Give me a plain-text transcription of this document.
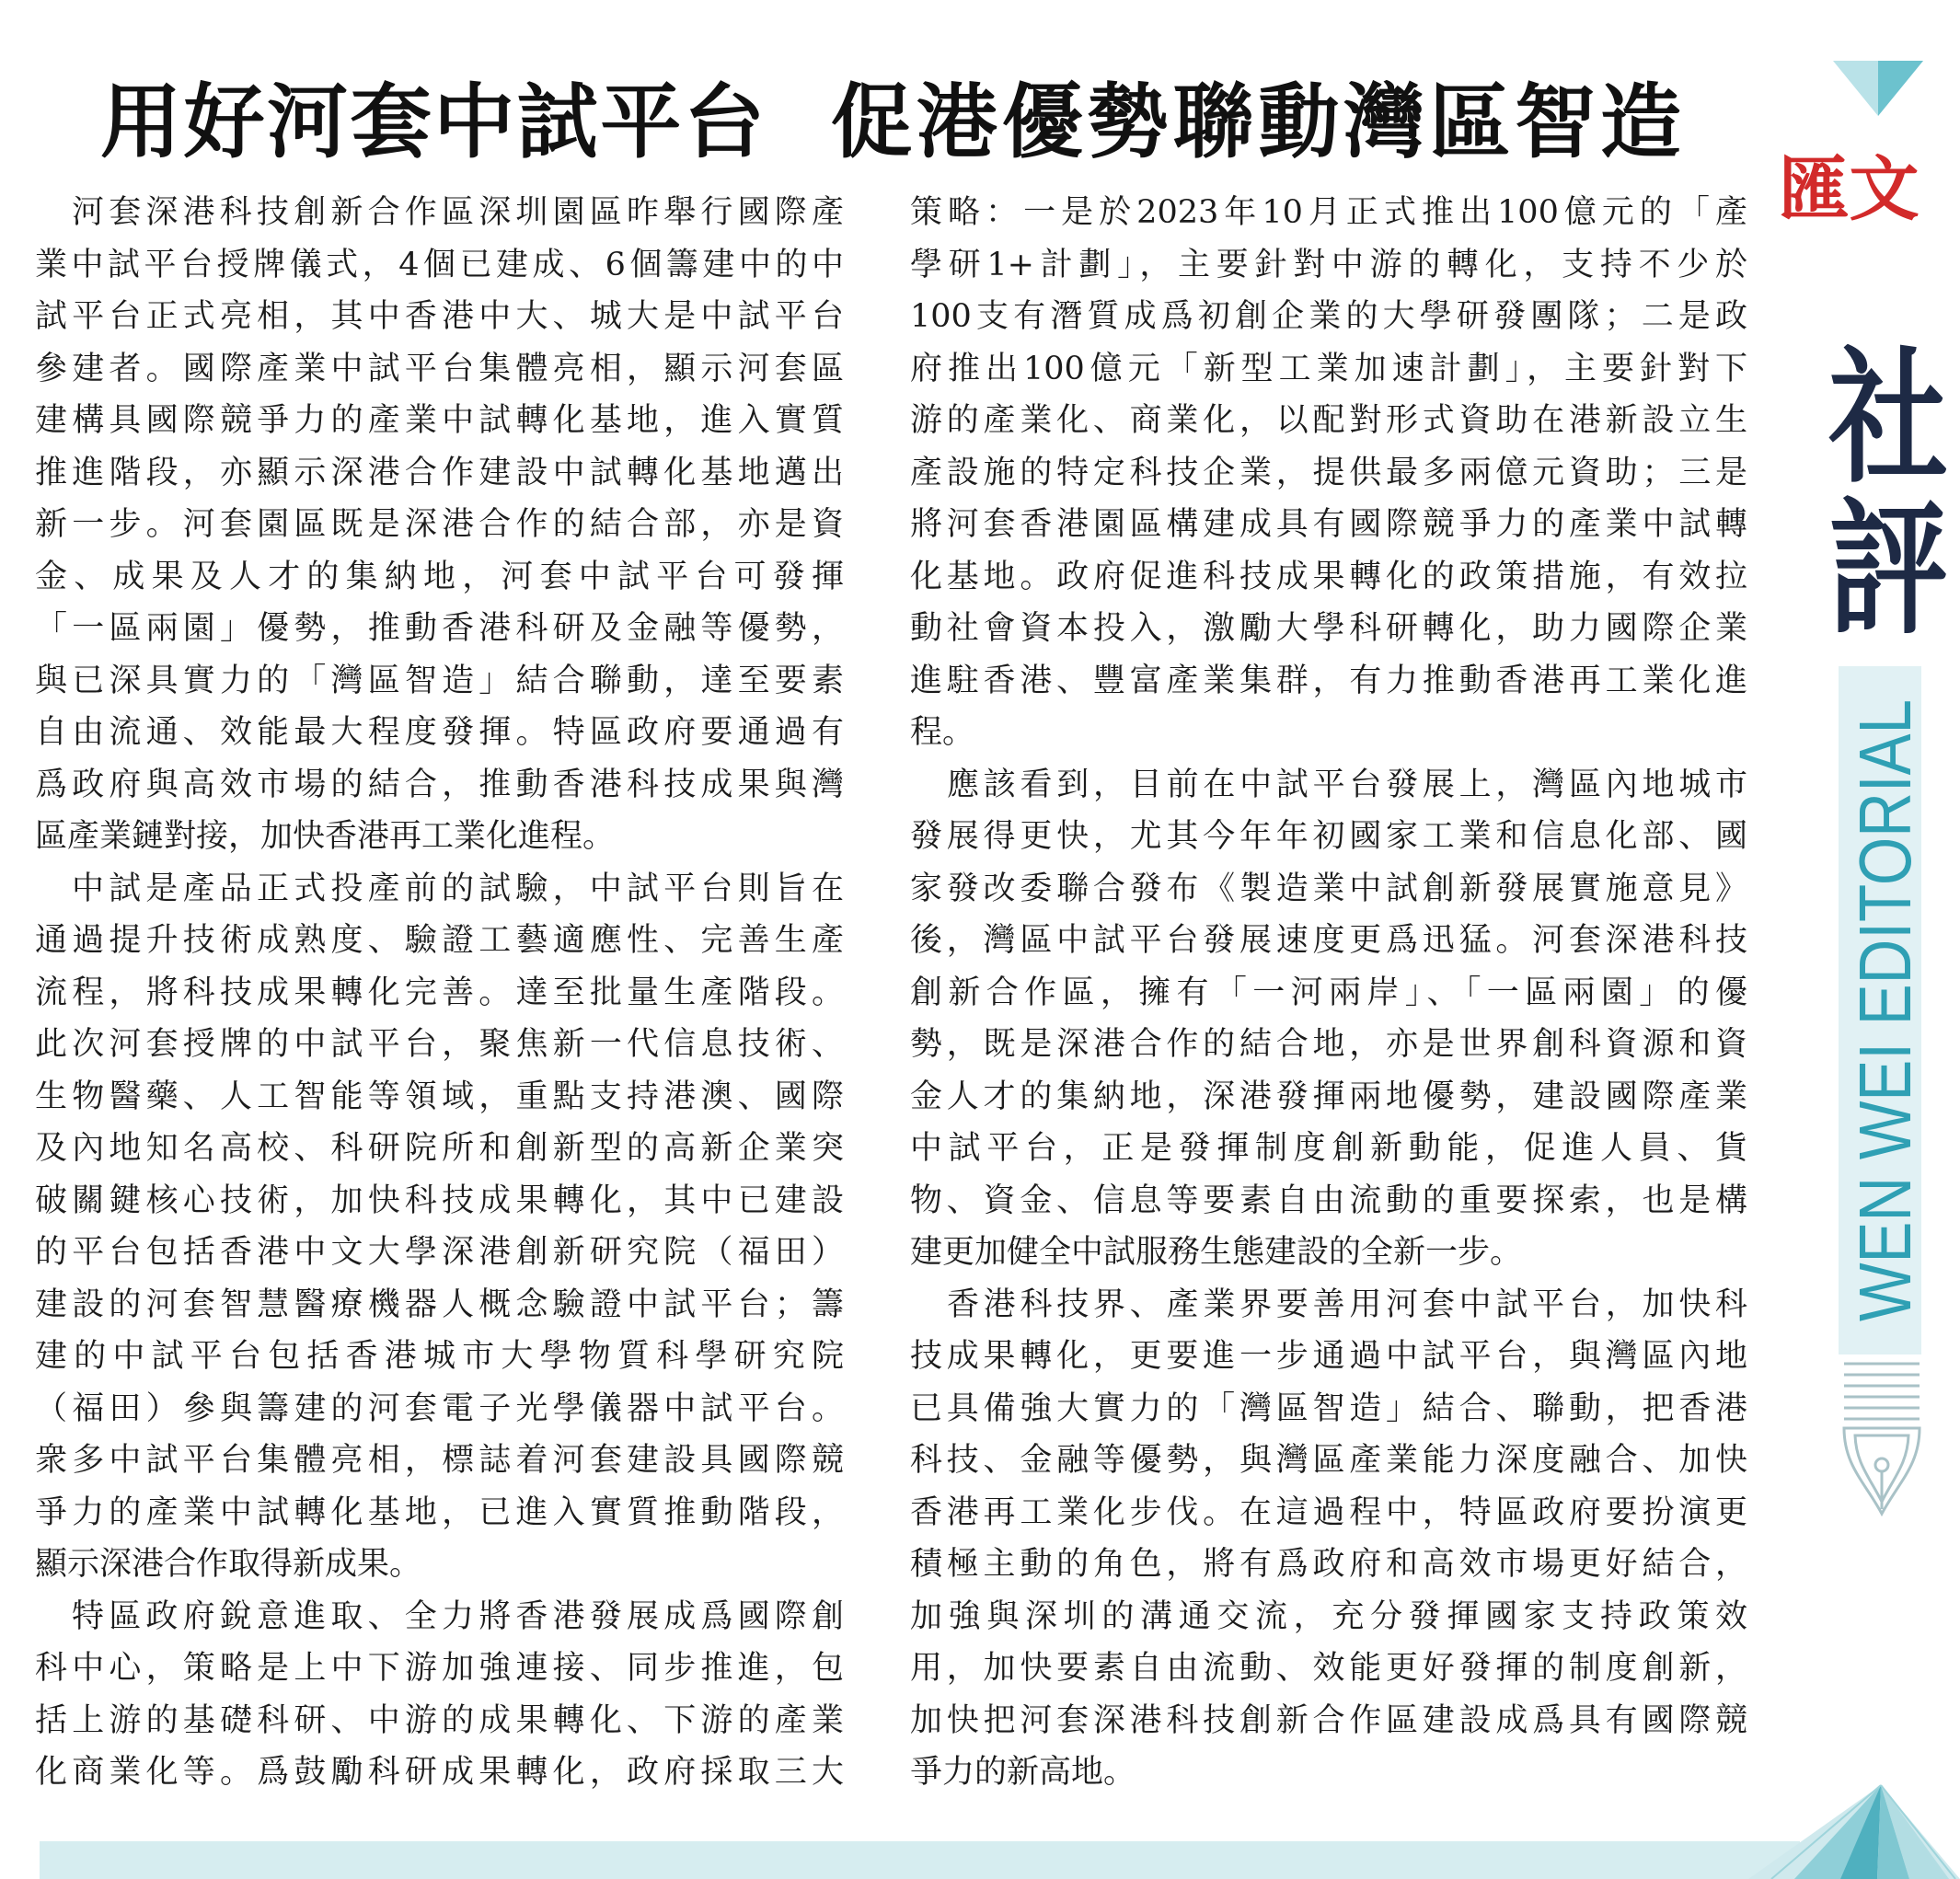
WEN WEI EDITORIAL
文匯
社評
用好河套中試平台 促港優勢聯動灣區智造
河套深港科技創新合作區深圳園區昨舉行國際產
業中試平台授牌儀式，4個已建成、6個籌建中的中
試平台正式亮相，其中香港中大、城大是中試平台
參建者。國際產業中試平台集體亮相，顯示河套區
建構具國際競爭力的產業中試轉化基地，進入實質
推進階段，亦顯示深港合作建設中試轉化基地邁出
新一步。河套園區既是深港合作的結合部，亦是資
金、成果及人才的集納地，河套中試平台可發揮
「一區兩園」優勢，推動香港科研及金融等優勢，
與已深具實力的「灣區智造」結合聯動，達至要素
自由流通、效能最大程度發揮。特區政府要通過有
爲政府與高效市場的結合，推動香港科技成果與灣
區產業鏈對接，加快香港再工業化進程。
中試是產品正式投產前的試驗，中試平台則旨在
通過提升技術成熟度、驗證工藝適應性、完善生產
流程，將科技成果轉化完善。達至批量生產階段。
此次河套授牌的中試平台，聚焦新一代信息技術、
生物醫藥、人工智能等領域，重點支持港澳、國際
及內地知名高校、科研院所和創新型的高新企業突
破關鍵核心技術，加快科技成果轉化，其中已建設
的平台包括香港中文大學深港創新研究院（福田）
建設的河套智慧醫療機器人概念驗證中試平台；籌
建的中試平台包括香港城市大學物質科學研究院
（福田）參與籌建的河套電子光學儀器中試平台。
衆多中試平台集體亮相，標誌着河套建設具國際競
爭力的產業中試轉化基地，已進入實質推動階段，
顯示深港合作取得新成果。
特區政府銳意進取、全力將香港發展成爲國際創
科中心，策略是上中下游加強連接、同步推進，包
括上游的基礎科研、中游的成果轉化、下游的產業
化商業化等。爲鼓勵科研成果轉化，政府採取三大
策略：一是於2023年10月正式推出100億元的「產
學研1+計劃」，主要針對中游的轉化，支持不少於
100支有潛質成爲初創企業的大學研發團隊；二是政
府推出100億元「新型工業加速計劃」，主要針對下
游的產業化、商業化，以配對形式資助在港新設立生
產設施的特定科技企業，提供最多兩億元資助；三是
將河套香港園區構建成具有國際競爭力的產業中試轉
化基地。政府促進科技成果轉化的政策措施，有效拉
動社會資本投入，激勵大學科研轉化，助力國際企業
進駐香港、豐富產業集群，有力推動香港再工業化進
程。
應該看到，目前在中試平台發展上，灣區內地城市
發展得更快，尤其今年年初國家工業和信息化部、國
家發改委聯合發布《製造業中試創新發展實施意見》
後，灣區中試平台發展速度更爲迅猛。河套深港科技
創新合作區，擁有「一河兩岸」、「一區兩園」的優
勢，既是深港合作的結合地，亦是世界創科資源和資
金人才的集納地，深港發揮兩地優勢，建設國際產業
中試平台，正是發揮制度創新動能，促進人員、貨
物、資金、信息等要素自由流動的重要探索，也是構
建更加健全中試服務生態建設的全新一步。
香港科技界、產業界要善用河套中試平台，加快科
技成果轉化，更要進一步通過中試平台，與灣區內地
已具備強大實力的「灣區智造」結合、聯動，把香港
科技、金融等優勢，與灣區產業能力深度融合、加快
香港再工業化步伐。在這過程中，特區政府要扮演更
積極主動的角色，將有爲政府和高效市場更好結合，
加強與深圳的溝通交流，充分發揮國家支持政策效
用，加快要素自由流動、效能更好發揮的制度創新，
加快把河套深港科技創新合作區建設成爲具有國際競
爭力的新高地。
